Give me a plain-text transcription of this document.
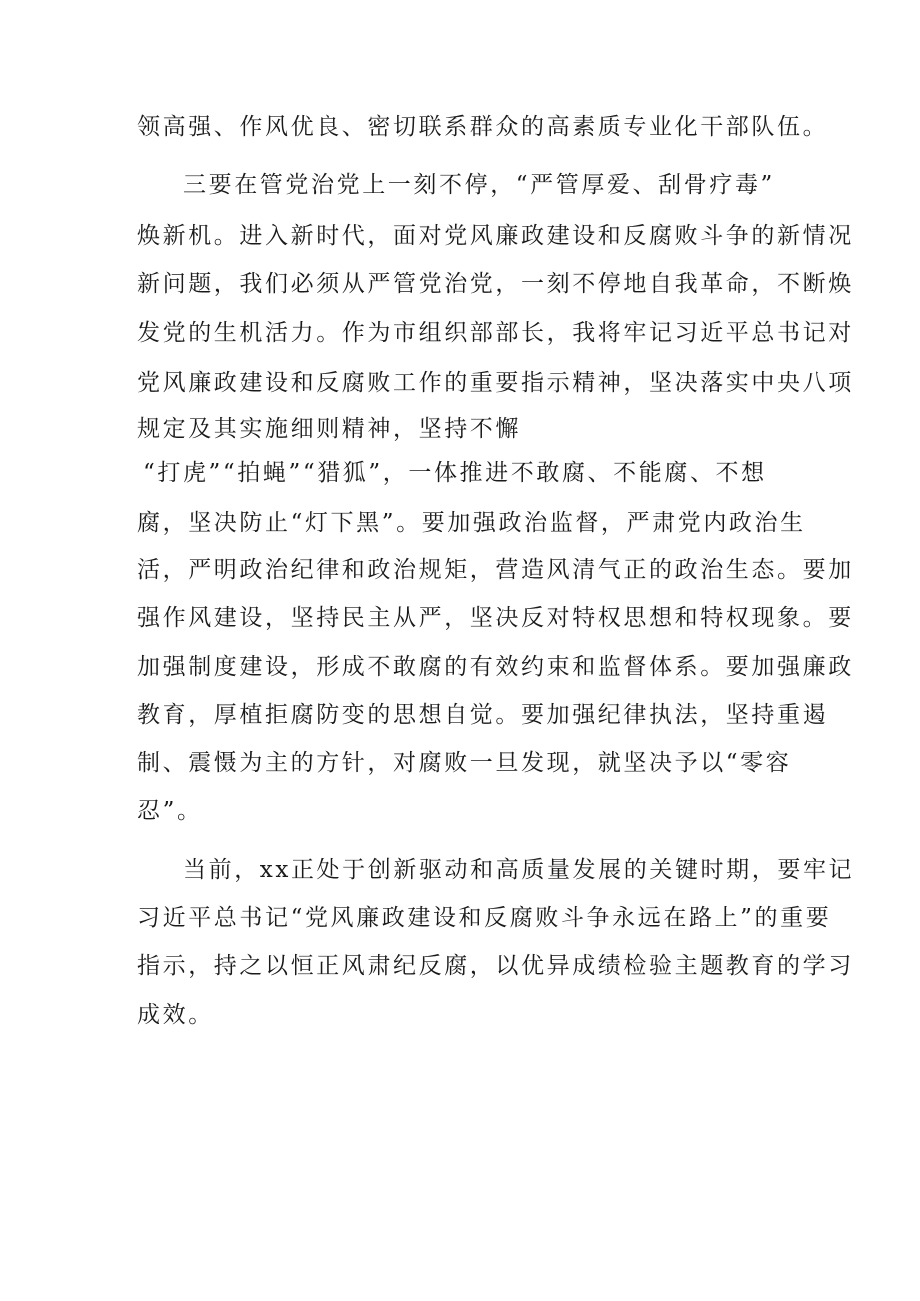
领高强、作风优良、密切联系群众的高素质专业化干部队伍。
三要在管党治党上一刻不停，“严管厚爱、刮骨疗毒”
焕新机。进入新时代，面对党风廉政建设和反腐败斗争的新情况
新问题，我们必须从严管党治党，一刻不停地自我革命，不断焕
发党的生机活力。作为市组织部部长，我将牢记习近平总书记对
党风廉政建设和反腐败工作的重要指示精神，坚决落实中央八项
规定及其实施细则精神，坚持不懈
“打虎”“拍蝇”“猎狐”，一体推进不敢腐、不能腐、不想
腐，坚决防止“灯下黑”。要加强政治监督，严肃党内政治生
活，严明政治纪律和政治规矩，营造风清气正的政治生态。要加
强作风建设，坚持民主从严，坚决反对特权思想和特权现象。要
加强制度建设，形成不敢腐的有效约束和监督体系。要加强廉政
教育，厚植拒腐防变的思想自觉。要加强纪律执法，坚持重遏
制、震慑为主的方针，对腐败一旦发现，就坚决予以“零容
忍”。
当前，xx正处于创新驱动和高质量发展的关键时期，要牢记
习近平总书记“党风廉政建设和反腐败斗争永远在路上”的重要
指示，持之以恒正风肃纪反腐，以优异成绩检验主题教育的学习
成效。
